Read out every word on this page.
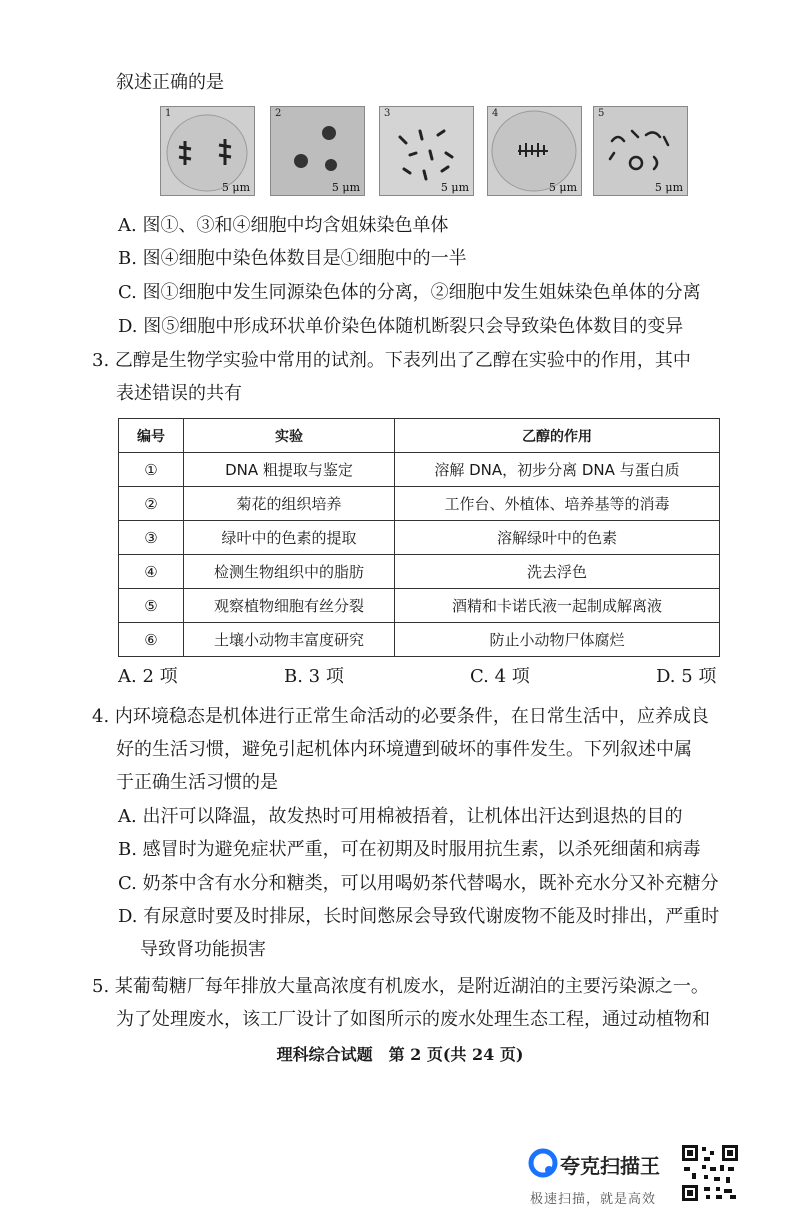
叙述正确的是
1
5 μm
2
5 μm
3
5 μm
4
5 μm
5
5 μm
A. 图①、③和④细胞中均含姐妹染色单体
B. 图④细胞中染色体数目是①细胞中的一半
C. 图①细胞中发生同源染色体的分离，②细胞中发生姐妹染色单体的分离
D. 图⑤细胞中形成环状单价染色体随机断裂只会导致染色体数目的变异
3. 乙醇是生物学实验中常用的试剂。下表列出了乙醇在实验中的作用，其中
表述错误的共有
编号	实验	乙醇的作用
①	DNA 粗提取与鉴定	溶解 DNA，初步分离 DNA 与蛋白质
②	菊花的组织培养	工作台、外植体、培养基等的消毒
③	绿叶中的色素的提取	溶解绿叶中的色素
④	检测生物组织中的脂肪	洗去浮色
⑤	观察植物细胞有丝分裂	酒精和卡诺氏液一起制成解离液
⑥	土壤小动物丰富度研究	防止小动物尸体腐烂
A. 2 项	B. 3 项	C. 4 项	D. 5 项
4. 内环境稳态是机体进行正常生命活动的必要条件，在日常生活中，应养成良
好的生活习惯，避免引起机体内环境遭到破坏的事件发生。下列叙述中属
于正确生活习惯的是
A. 出汗可以降温，故发热时可用棉被捂着，让机体出汗达到退热的目的
B. 感冒时为避免症状严重，可在初期及时服用抗生素，以杀死细菌和病毒
C. 奶茶中含有水分和糖类，可以用喝奶茶代替喝水，既补充水分又补充糖分
D. 有尿意时要及时排尿，长时间憋尿会导致代谢废物不能及时排出，严重时
导致肾功能损害
5. 某葡萄糖厂每年排放大量高浓度有机废水，是附近湖泊的主要污染源之一。
为了处理废水，该工厂设计了如图所示的废水处理生态工程，通过动植物和
理科综合试题　第 2 页(共 24 页)
夸克扫描王
极速扫描，就是高效
